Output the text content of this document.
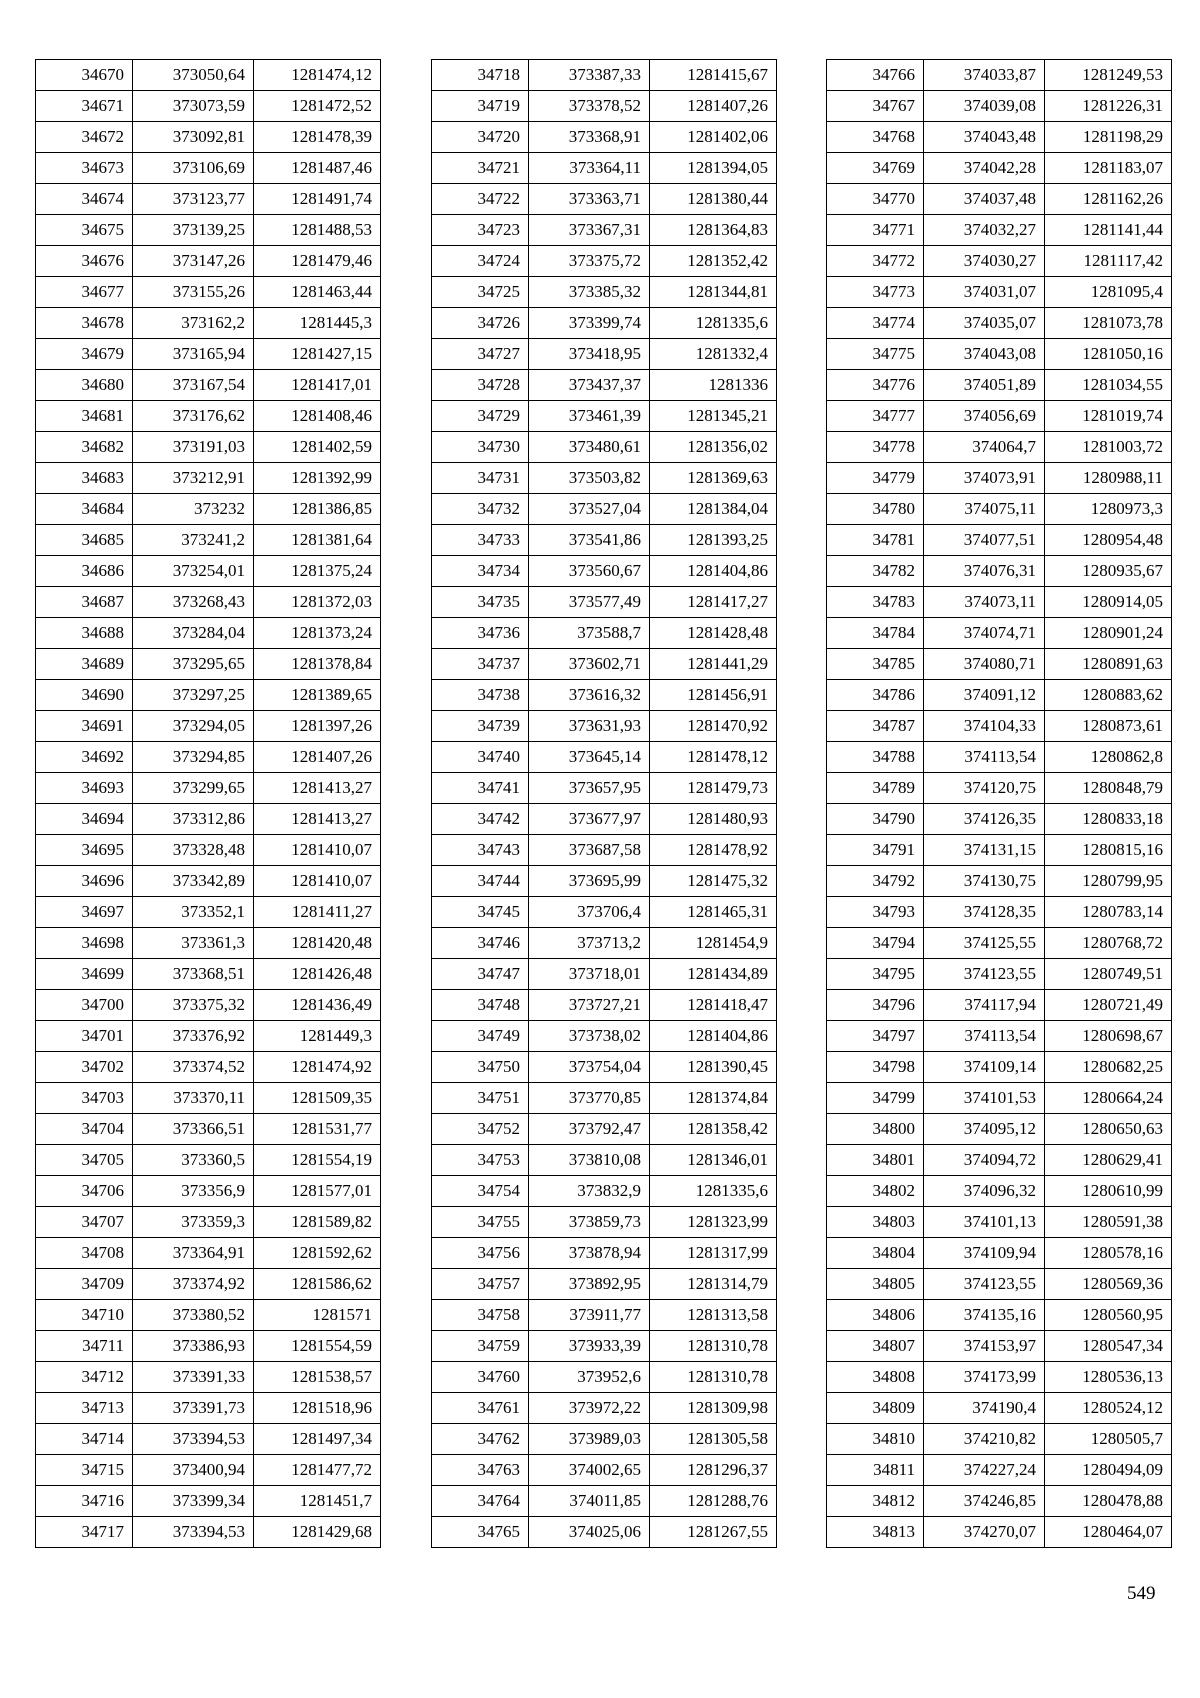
34670	373050,64	1281474,12
34671	373073,59	1281472,52
34672	373092,81	1281478,39
34673	373106,69	1281487,46
34674	373123,77	1281491,74
34675	373139,25	1281488,53
34676	373147,26	1281479,46
34677	373155,26	1281463,44
34678	373162,2	1281445,3
34679	373165,94	1281427,15
34680	373167,54	1281417,01
34681	373176,62	1281408,46
34682	373191,03	1281402,59
34683	373212,91	1281392,99
34684	373232	1281386,85
34685	373241,2	1281381,64
34686	373254,01	1281375,24
34687	373268,43	1281372,03
34688	373284,04	1281373,24
34689	373295,65	1281378,84
34690	373297,25	1281389,65
34691	373294,05	1281397,26
34692	373294,85	1281407,26
34693	373299,65	1281413,27
34694	373312,86	1281413,27
34695	373328,48	1281410,07
34696	373342,89	1281410,07
34697	373352,1	1281411,27
34698	373361,3	1281420,48
34699	373368,51	1281426,48
34700	373375,32	1281436,49
34701	373376,92	1281449,3
34702	373374,52	1281474,92
34703	373370,11	1281509,35
34704	373366,51	1281531,77
34705	373360,5	1281554,19
34706	373356,9	1281577,01
34707	373359,3	1281589,82
34708	373364,91	1281592,62
34709	373374,92	1281586,62
34710	373380,52	1281571
34711	373386,93	1281554,59
34712	373391,33	1281538,57
34713	373391,73	1281518,96
34714	373394,53	1281497,34
34715	373400,94	1281477,72
34716	373399,34	1281451,7
34717	373394,53	1281429,68
34718	373387,33	1281415,67
34719	373378,52	1281407,26
34720	373368,91	1281402,06
34721	373364,11	1281394,05
34722	373363,71	1281380,44
34723	373367,31	1281364,83
34724	373375,72	1281352,42
34725	373385,32	1281344,81
34726	373399,74	1281335,6
34727	373418,95	1281332,4
34728	373437,37	1281336
34729	373461,39	1281345,21
34730	373480,61	1281356,02
34731	373503,82	1281369,63
34732	373527,04	1281384,04
34733	373541,86	1281393,25
34734	373560,67	1281404,86
34735	373577,49	1281417,27
34736	373588,7	1281428,48
34737	373602,71	1281441,29
34738	373616,32	1281456,91
34739	373631,93	1281470,92
34740	373645,14	1281478,12
34741	373657,95	1281479,73
34742	373677,97	1281480,93
34743	373687,58	1281478,92
34744	373695,99	1281475,32
34745	373706,4	1281465,31
34746	373713,2	1281454,9
34747	373718,01	1281434,89
34748	373727,21	1281418,47
34749	373738,02	1281404,86
34750	373754,04	1281390,45
34751	373770,85	1281374,84
34752	373792,47	1281358,42
34753	373810,08	1281346,01
34754	373832,9	1281335,6
34755	373859,73	1281323,99
34756	373878,94	1281317,99
34757	373892,95	1281314,79
34758	373911,77	1281313,58
34759	373933,39	1281310,78
34760	373952,6	1281310,78
34761	373972,22	1281309,98
34762	373989,03	1281305,58
34763	374002,65	1281296,37
34764	374011,85	1281288,76
34765	374025,06	1281267,55
34766	374033,87	1281249,53
34767	374039,08	1281226,31
34768	374043,48	1281198,29
34769	374042,28	1281183,07
34770	374037,48	1281162,26
34771	374032,27	1281141,44
34772	374030,27	1281117,42
34773	374031,07	1281095,4
34774	374035,07	1281073,78
34775	374043,08	1281050,16
34776	374051,89	1281034,55
34777	374056,69	1281019,74
34778	374064,7	1281003,72
34779	374073,91	1280988,11
34780	374075,11	1280973,3
34781	374077,51	1280954,48
34782	374076,31	1280935,67
34783	374073,11	1280914,05
34784	374074,71	1280901,24
34785	374080,71	1280891,63
34786	374091,12	1280883,62
34787	374104,33	1280873,61
34788	374113,54	1280862,8
34789	374120,75	1280848,79
34790	374126,35	1280833,18
34791	374131,15	1280815,16
34792	374130,75	1280799,95
34793	374128,35	1280783,14
34794	374125,55	1280768,72
34795	374123,55	1280749,51
34796	374117,94	1280721,49
34797	374113,54	1280698,67
34798	374109,14	1280682,25
34799	374101,53	1280664,24
34800	374095,12	1280650,63
34801	374094,72	1280629,41
34802	374096,32	1280610,99
34803	374101,13	1280591,38
34804	374109,94	1280578,16
34805	374123,55	1280569,36
34806	374135,16	1280560,95
34807	374153,97	1280547,34
34808	374173,99	1280536,13
34809	374190,4	1280524,12
34810	374210,82	1280505,7
34811	374227,24	1280494,09
34812	374246,85	1280478,88
34813	374270,07	1280464,07
549
